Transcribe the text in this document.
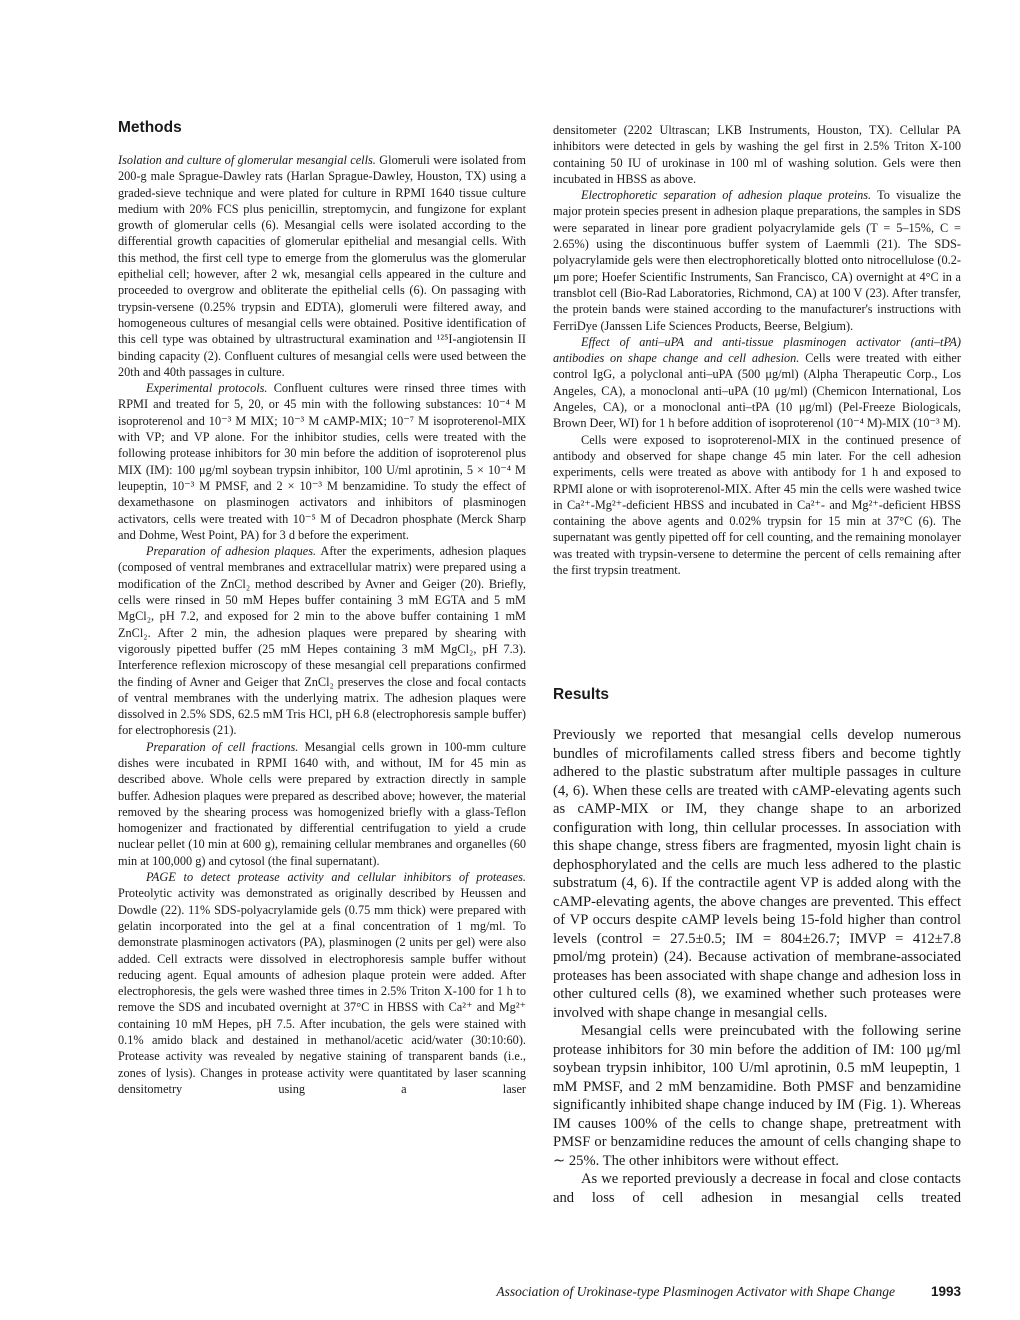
Methods

Isolation and culture of glomerular mesangial cells. Glomeruli were isolated from 200-g male Sprague-Dawley rats (Harlan Sprague-Dawley, Houston, TX) using a graded-sieve technique and were plated for culture in RPMI 1640 tissue culture medium with 20% FCS plus penicillin, streptomycin, and fungizone for explant growth of glomerular cells (6). Mesangial cells were isolated according to the differential growth capacities of glomerular epithelial and mesangial cells. With this method, the first cell type to emerge from the glomerulus was the glomerular epithelial cell; however, after 2 wk, mesangial cells appeared in the culture and proceeded to overgrow and obliterate the epithelial cells (6). On passaging with trypsin-versene (0.25% trypsin and EDTA), glomeruli were filtered away, and homogeneous cultures of mesangial cells were obtained. Positive identification of this cell type was obtained by ultrastructural examination and ¹²⁵I-angiotensin II binding capacity (2). Confluent cultures of mesangial cells were used between the 20th and 40th passages in culture.

Experimental protocols. Confluent cultures were rinsed three times with RPMI and treated for 5, 20, or 45 min with the following substances: 10⁻⁴ M isoproterenol and 10⁻³ M MIX; 10⁻³ M cAMP-MIX; 10⁻⁷ M isoproterenol-MIX with VP; and VP alone. For the inhibitor studies, cells were treated with the following protease inhibitors for 30 min before the addition of isoproterenol plus MIX (IM): 100 μg/ml soybean trypsin inhibitor, 100 U/ml aprotinin, 5 × 10⁻⁴ M leupeptin, 10⁻³ M PMSF, and 2 × 10⁻³ M benzamidine. To study the effect of dexamethasone on plasminogen activators and inhibitors of plasminogen activators, cells were treated with 10⁻⁵ M of Decadron phosphate (Merck Sharp and Dohme, West Point, PA) for 3 d before the experiment.

Preparation of adhesion plaques. After the experiments, adhesion plaques (composed of ventral membranes and extracellular matrix) were prepared using a modification of the ZnCl₂ method described by Avner and Geiger (20). Briefly, cells were rinsed in 50 mM Hepes buffer containing 3 mM EGTA and 5 mM MgCl₂, pH 7.2, and exposed for 2 min to the above buffer containing 1 mM ZnCl₂. After 2 min, the adhesion plaques were prepared by shearing with vigorously pipetted buffer (25 mM Hepes containing 3 mM MgCl₂, pH 7.3). Interference reflexion microscopy of these mesangial cell preparations confirmed the finding of Avner and Geiger that ZnCl₂ preserves the close and focal contacts of ventral membranes with the underlying matrix. The adhesion plaques were dissolved in 2.5% SDS, 62.5 mM Tris HCl, pH 6.8 (electrophoresis sample buffer) for electrophoresis (21).

Preparation of cell fractions. Mesangial cells grown in 100-mm culture dishes were incubated in RPMI 1640 with, and without, IM for 45 min as described above. Whole cells were prepared by extraction directly in sample buffer. Adhesion plaques were prepared as described above; however, the material removed by the shearing process was homogenized briefly with a glass-Teflon homogenizer and fractionated by differential centrifugation to yield a crude nuclear pellet (10 min at 600 g), remaining cellular membranes and organelles (60 min at 100,000 g) and cytosol (the final supernatant).

PAGE to detect protease activity and cellular inhibitors of proteases. Proteolytic activity was demonstrated as originally described by Heussen and Dowdle (22). 11% SDS-polyacrylamide gels (0.75 mm thick) were prepared with gelatin incorporated into the gel at a final concentration of 1 mg/ml. To demonstrate plasminogen activators (PA), plasminogen (2 units per gel) were also added. Cell extracts were dissolved in electrophoresis sample buffer without reducing agent. Equal amounts of adhesion plaque protein were added. After electrophoresis, the gels were washed three times in 2.5% Triton X-100 for 1 h to remove the SDS and incubated overnight at 37°C in HBSS with Ca²⁺ and Mg²⁺ containing 10 mM Hepes, pH 7.5. After incubation, the gels were stained with 0.1% amido black and destained in methanol/acetic acid/water (30:10:60). Protease activity was revealed by negative staining of transparent bands (i.e., zones of lysis). Changes in protease activity were quantitated by laser scanning densitometry using a laser

densitometer (2202 Ultrascan; LKB Instruments, Houston, TX). Cellular PA inhibitors were detected in gels by washing the gel first in 2.5% Triton X-100 containing 50 IU of urokinase in 100 ml of washing solution. Gels were then incubated in HBSS as above.

Electrophoretic separation of adhesion plaque proteins. To visualize the major protein species present in adhesion plaque preparations, the samples in SDS were separated in linear pore gradient polyacrylamide gels (T = 5–15%, C = 2.65%) using the discontinuous buffer system of Laemmli (21). The SDS-polyacrylamide gels were then electrophoretically blotted onto nitrocellulose (0.2-μm pore; Hoefer Scientific Instruments, San Francisco, CA) overnight at 4°C in a transblot cell (Bio-Rad Laboratories, Richmond, CA) at 100 V (23). After transfer, the protein bands were stained according to the manufacturer's instructions with FerriDye (Janssen Life Sciences Products, Beerse, Belgium).

Effect of anti–uPA and anti-tissue plasminogen activator (anti–tPA) antibodies on shape change and cell adhesion. Cells were treated with either control IgG, a polyclonal anti–uPA (500 μg/ml) (Alpha Therapeutic Corp., Los Angeles, CA), a monoclonal anti–uPA (10 μg/ml) (Chemicon International, Los Angeles, CA), or a monoclonal anti–tPA (10 μg/ml) (Pel-Freeze Biologicals, Brown Deer, WI) for 1 h before addition of isoproterenol (10⁻⁴ M)-MIX (10⁻³ M).

Cells were exposed to isoproterenol-MIX in the continued presence of antibody and observed for shape change 45 min later. For the cell adhesion experiments, cells were treated as above with antibody for 1 h and exposed to RPMI alone or with isoproterenol-MIX. After 45 min the cells were washed twice in Ca²⁺-Mg²⁺-deficient HBSS and incubated in Ca²⁺- and Mg²⁺-deficient HBSS containing the above agents and 0.02% trypsin for 15 min at 37°C (6). The supernatant was gently pipetted off for cell counting, and the remaining monolayer was treated with trypsin-versene to determine the percent of cells remaining after the first trypsin treatment.

Results

Previously we reported that mesangial cells develop numerous bundles of microfilaments called stress fibers and become tightly adhered to the plastic substratum after multiple passages in culture (4, 6). When these cells are treated with cAMP-elevating agents such as cAMP-MIX or IM, they change shape to an arborized configuration with long, thin cellular processes. In association with this shape change, stress fibers are fragmented, myosin light chain is dephosphorylated and the cells are much less adhered to the plastic substratum (4, 6). If the contractile agent VP is added along with the cAMP-elevating agents, the above changes are prevented. This effect of VP occurs despite cAMP levels being 15-fold higher than control levels (control = 27.5±0.5; IM = 804±26.7; IMVP = 412±7.8 pmol/mg protein) (24). Because activation of membrane-associated proteases has been associated with shape change and adhesion loss in other cultured cells (8), we examined whether such proteases were involved with shape change in mesangial cells.

Mesangial cells were preincubated with the following serine protease inhibitors for 30 min before the addition of IM: 100 μg/ml soybean trypsin inhibitor, 100 U/ml aprotinin, 0.5 mM leupeptin, 1 mM PMSF, and 2 mM benzamidine. Both PMSF and benzamidine significantly inhibited shape change induced by IM (Fig. 1). Whereas IM causes 100% of the cells to change shape, pretreatment with PMSF or benzamidine reduces the amount of cells changing shape to ∼ 25%. The other inhibitors were without effect.

As we reported previously a decrease in focal and close contacts and loss of cell adhesion in mesangial cells treated

Association of Urokinase-type Plasminogen Activator with Shape Change	1993
